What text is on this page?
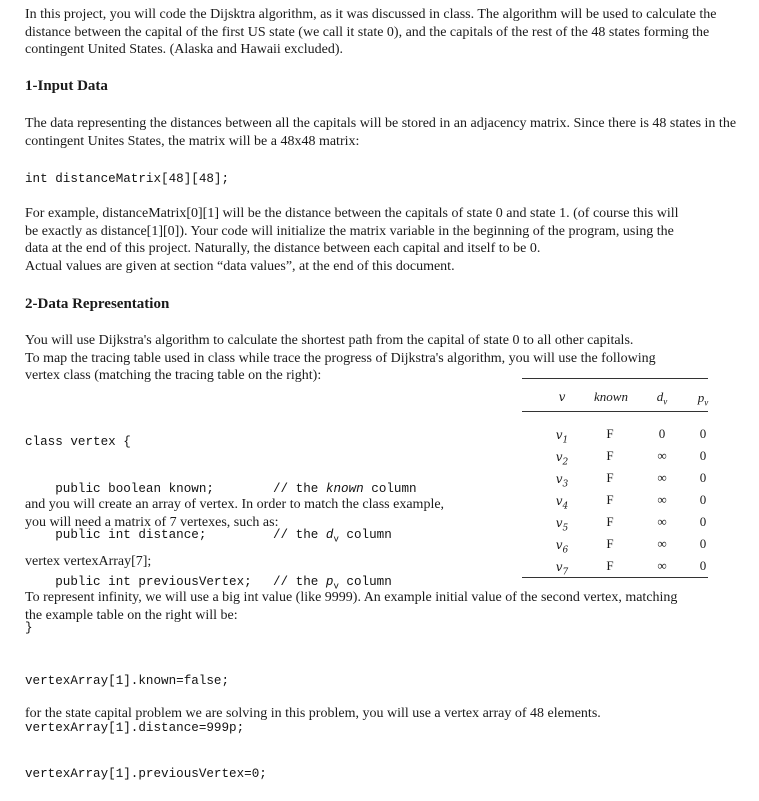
In this project, you will code the Dijsktra algorithm, as it was discussed in class. The algorithm will be used to calculate the distance between the capital of the first US state (we call it state 0), and the capitals of the rest of the 48 states forming the contingent United States. (Alaska and Hawaii excluded).

1-Input Data

The data representing the distances between all the capitals will be stored in an adjacency matrix. Since there is 48 states in the contingent Unites States, the matrix will be a 48x48 matrix:

int distanceMatrix[48][48];
For example, distanceMatrix[0][1] will be the distance between the capitals of state 0 and state 1. (of course this will
be exactly as distance[1][0]). Your code will initialize the matrix variable in the beginning of the program, using the
data at the end of this project. Naturally, the distance between each capital and itself to be 0.
Actual values are given at section “data values”, at the end of this document.

2-Data Representation

You will use Dijkstra's algorithm to calculate the shortest path from the capital of state 0 to all other capitals.
To map the tracing table used in class while trace the progress of Dijkstra's algorithm, you will use the following
vertex class (matching the tracing table on the right):

class vertex {

public boolean known;	// the known column

public int distance;	// the $d_v$ column

public int previousVertex; // the $p_v$ column

}

and you will create an array of vertex. In order to match the class example,
you will need a matrix of 7 vertexes, such as:

vertex vertexArray[7];

v	known	$d_v$	$p_v$
$v_1$	F	0	0
$v_2$	F	∞	0
$v_3$	F	∞	0
$v_4$	F	∞	0
$v_5$	F	∞	0
$v_6$	F	∞	0
$v_7$	F	∞	0
To represent infinity, we will use a big int value (like 9999). An example initial value of the second vertex, matching
the example table on the right will be:

vertexArray[1].known=false;

vertexArray[1].distance=999p;

vertexArray[1].previousVertex=0;

for the state capital problem we are solving in this problem, you will use a vertex array of 48 elements.
